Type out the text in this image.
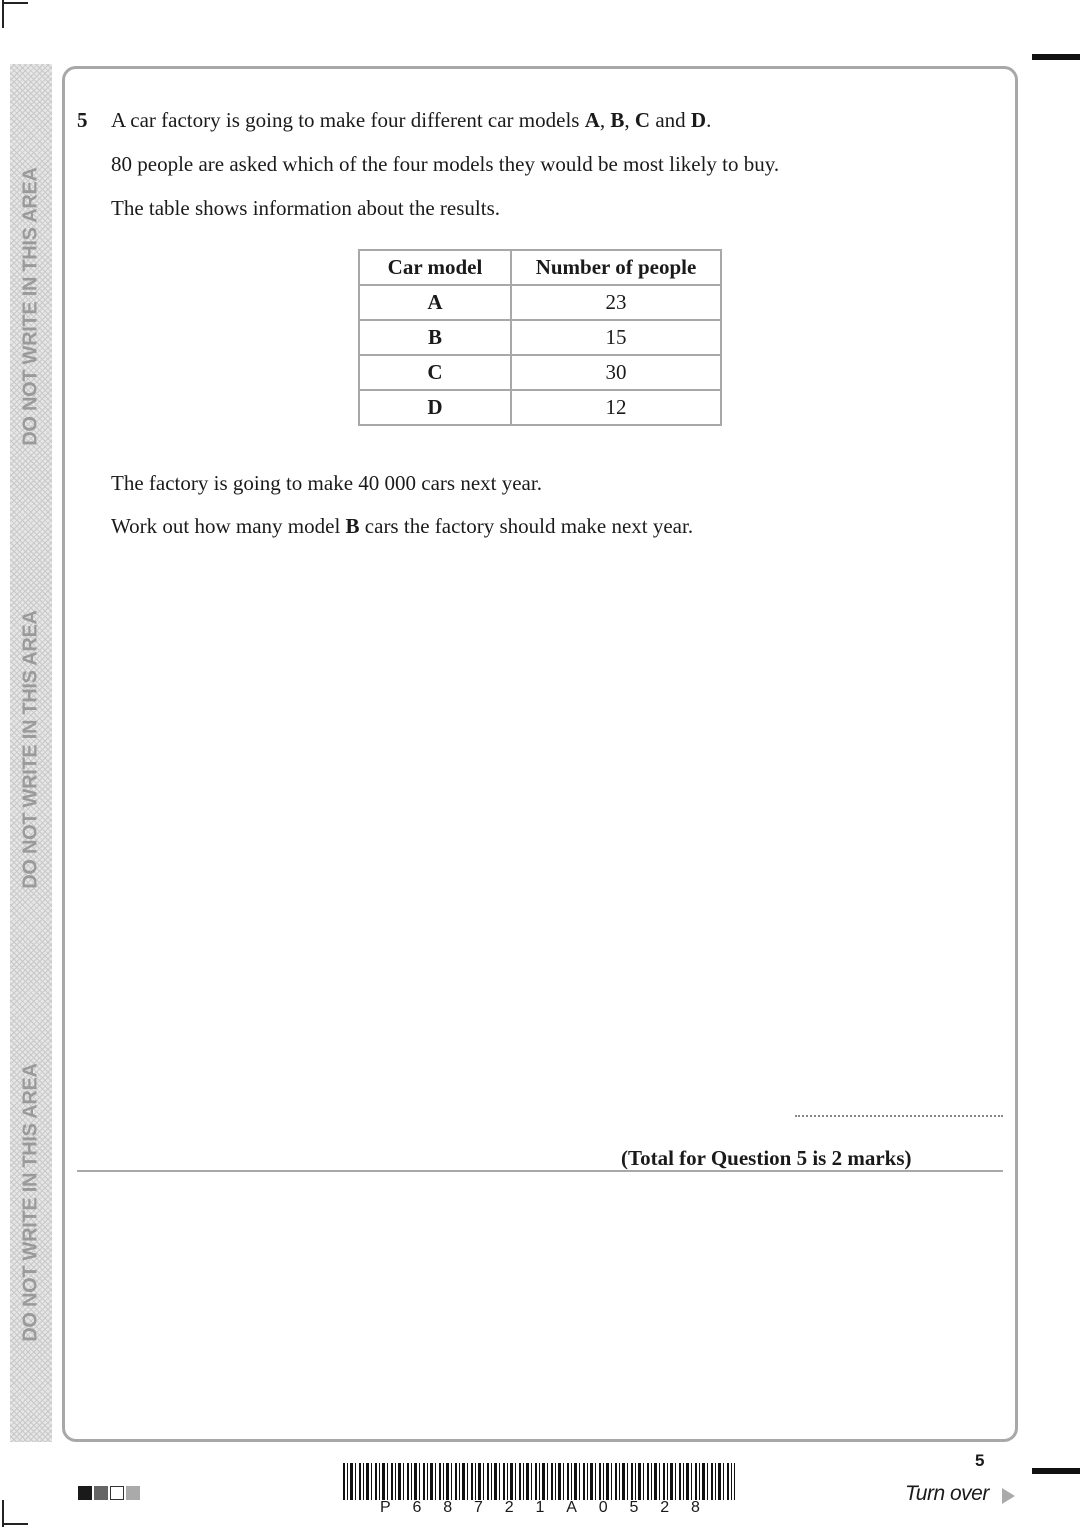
DO NOT WRITE IN THIS AREA
DO NOT WRITE IN THIS AREA
DO NOT WRITE IN THIS AREA
5 A car factory is going to make four different car models A, B, C and D.
80 people are asked which of the four models they would be most likely to buy.
The table shows information about the results.
Car model	Number of people
A	23
B	15
C	30
D	12
The factory is going to make 40 000 cars next year.
Work out how many model B cars the factory should make next year.
(Total for Question 5 is 2 marks)
P 6 8 7 2 1 A 0 5 2 8
5
Turn over
